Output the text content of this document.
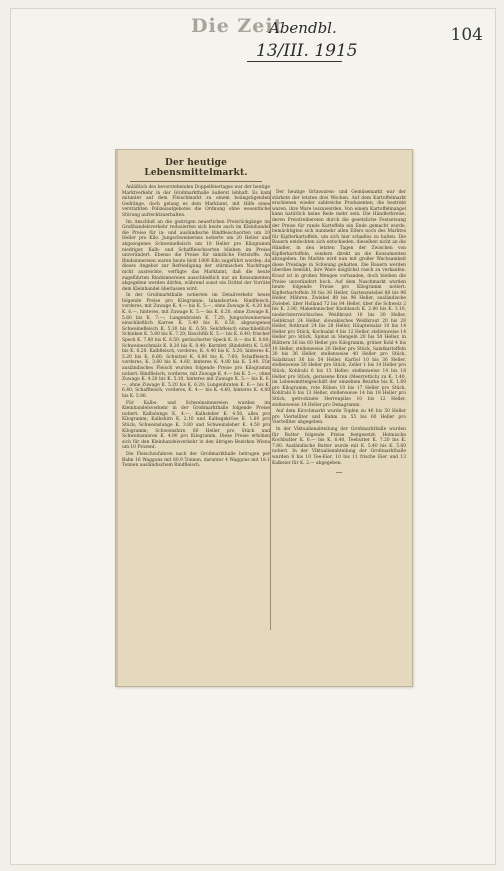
Die Zeit
Abendbl.
13/III. 1915
104
Der heutige Lebensmittelmarkt.

Anläßlich des bevorstehenden Doppelfeiertages war der heutige Marktverkehr in der Großmarkthalle äußerst lebhaft. Es kam mitunter auf dem Fleischmarkt zu einem beängstigenden Gedränge, doch gelang es dem Marktamt, mit Hilfe eines verstärkten Polizeiaufgebotes die Ordnung ohne wesentliche Störung aufrechtzuerhalten.

Im Anschluß an die gestrigen neuerlichen Preisrückgänge im Großhandelsverkehr reduzierten sich heute auch im Kleinhandel die Preise für in- und ausländische Rindfleischsorten um 20 Heller pro Kilo. Jungschweinernes notierte um 20 Heller und abgezogenes Schweinefleisch um 10 Heller pro Kilogramm niedriger. Kalb- und Schaffleischsorten blieben im Preise unverändert. Ebenso die Preise für sämtliche Fettstoffe. An Rindsinnereien waren heute bloß 1800 Kilo zugeführt worden; da dieses Angebot zur Befriedigung der stürmischen Nachfrage nicht ausreichte, verfügte das Marktamt, daß die heute zugeführten Rindsinnereien ausschließlich nur an Konsumenten abgegeben werden dürfen, während sonst ein Drittel der Vorräte dem Kleinhandel überlassen wird.

In der Großmarkthalle notierten im Detailverkehr heute folgende Preise pro Kilogramm: Inlandsorten: Rindfleisch, vorderes, mit Zuwage K. 4.— bis K. 5.—, ohne Zuwage K. 4.20 bis K. 6.—, hinteres, mit Zuwage K. 5.— bis K. 6.20, ohne Zuwage K. 5.60 bis K. 7.—; Lungenbraten K. 7.20; Jungschweinernes einschließlich Karree K. 5.40 bis K. 6.50, abgezogenes Schweinefleisch K. 5.30 bis K. 6.50; Selchfleisch einschließlich Schinken K. 5.80 bis K. 7.20; Bauchfilz K. 5.— bis K. 6.40; frischer Speck K. 7.80 bis K. 8.50; geräucherter Speck K. 8.— bis K. 8.80; Schweineschmalz K. 8.20 bis K. 8.40; Kernfett (Rindsfett) K. 5.60 bis K. 6.20. Kalbfleisch, vorderes, K. 4.40 bis K. 5.20, hinteres K. 5.20 bis K. 6.60; Schnitzel K. 6.80 bis K. 7.60; Schaffleisch, vorderes, K. 3.60 bis K. 4.60, hinteres K. 4.80 bis K. 5.40. Für ausländisches Fleisch wurden folgende Preise pro Kilogramm notiert: Rindfleisch, vorderes, mit Zuwage K. 4.— bis K. 5.—, ohne Zuwage K. 4.20 bis K. 5.10, hinteres mit Zuwage K. 5.— bis K. 6.—, ohne Zuwage K. 5.20 bis K. 6.20; Lungenbraten K. 6.— bis K. 6.40; Schaffleisch, vorderes, K. 4.— bis K. 4.60, hinteres K. 4.80 bis K. 5.80.

Für Kalbs- und Schweinsinnereien wurden im Kleinhandelsverkehr in der Großmarkthalle folgende Preise notiert: Kalbslunge K. 4.—, Kalbsleber K. 4.50, alles pro Kilogramm; Kalbshirn K. 2.10 und Kalbsgekröse K. 1.60 pro Stück; Schweinslunge K. 3.80 und Schweinsleber K. 4.50 pro Kilogramm; Schweinshirn 60 Heller pro Stück und Schweinsnieren K. 4.90 pro Kilogramm. Diese Preise erhöhen sich für den Kleinhandelsverkehr in den übrigen Bezirken Wiens um 10 Prozent.

Die Fleischzufuhren nach der Großmarkthalle betrugen per Bahn 16 Waggons mit 80.9 Tonnen, darunter 4 Waggons mit 18.1 Tonnen ausländischem Rindfleisch.

Der heutige Grünwaren- und Gemüsemarkt war der stärkste der letzten drei Wochen. Auf dem Kartoffelmarkt erschienen wieder zahlreiche Produzenten, die bestrebt waren, ihre Ware loszuwerden. Von einem Kartoffelmangel kann natürlich keine Rede mehr sein. Die Händlerkreise, deren Preistreibereien durch die gesetzliche Festsetzung der Preise für runde Kartoffeln ein Ende gemacht wurde, bemächtigten sich nunmehr allen Eifers noch des Marktes für Kipflerkartoffeln, um sich hier schadlos zu halten. Die Bauern entdeckten sich entschieden, dieselben nicht an die Händler, in den letzten Tagen der Zwischen von Kipflerkartoffeln, sondern direkt an die Konsumenten abzugeben. Im Markte wird nun mit großer Wachsamkeit diese Preislage in Schwung gehalten. Die Bauern werden überdies bemüht, ihre Ware möglichst rasch zu verkaufen. Kraut ist in großen Mengen vorhanden, doch bleiben die Preise unverändert hoch. Auf dem Naschmarkt wurden heute folgende Preise pro Kilogramm notiert: Kipflerkartoffeln 30 bis 36 Heller, Gartenzwiebel 88 bis 96 Heller, Mähren. Zwiebel 88 bis 96 Heller, ausländische Zwiebel, über Holland 72 bis 84 Heller, über die Schweiz 2 bis K. 2.80, Makedonischer Knoblauch K. 2.80 bis K. 3.10, niederösterreichisches Weißkraut 18 bis 30 Heller, Gelbkraut 24 Heller, slowakisches Weißkraut 20 bis 28 Heller, Rotkraut 24 bis 28 Heller, Häuptelsalat 10 bis 14 Heller pro Stück, Kochsalat 4 bis 12 Heller, stellenweise 14 Heller pro Stück, Spinat in Stengeln 20 bis 50 Heller, in Blättern 56 bis 60 Heller pro Kilogramm, grüner Kohl 4 bis 10 Heller, stellenweise 20 Heller pro Stück, Salatkartoffeln 30 bis 36 Heller, stellenweise 40 Heller pro Stück, Salatkraut 36 bis 54 Heller, Karfiol 10 bis 36 Heller, stellenweise 50 Heller pro Stück, Zeller 1 bis 14 Heller pro Stück, Kohlrabi 6 bis 13 Heller, stellenweise 14 bis 18 Heller pro Stück, gerissene Kren (Meerrettich) zu K. 1.40, im Lebensmittelgeschäft der einzelnen Bezirke bis K. 1.60 pro Kilogramm, rote Rüben 10 bis 17 Heller pro Stück, Kohlrabi 6 bis 13 Heller, stellenweise 14 bis 18 Heller pro Stück, getrocknete Herrenpilze 10 bis 12 Heller, stellenweise 14 Heller pro Dekagramm.

Auf dem Kirschmarkt wurde Topfen zu 46 bis 50 Heller pro Viertelliter und Rahm zu 55 bis 60 Heller pro Viertelliter abgegeben.

In der Viktualienabteilung der Großmarkthalle wurden für Butter folgende Preise festgesetzt: Heimische Kochbutter K. 6.— bis K. 6.40, Teebutter K. 7.20 bis K. 7.80. Ausländische Butter wurde mit K. 5.40 bis K. 5.60 notiert. In der Viktualienabteilung der Großmarkthalle wurden 8 bis 10 Tee-Eier, 10 bis 11 frische Eier und 13 Kalkeier für K. 2.— abgegeben.

—
